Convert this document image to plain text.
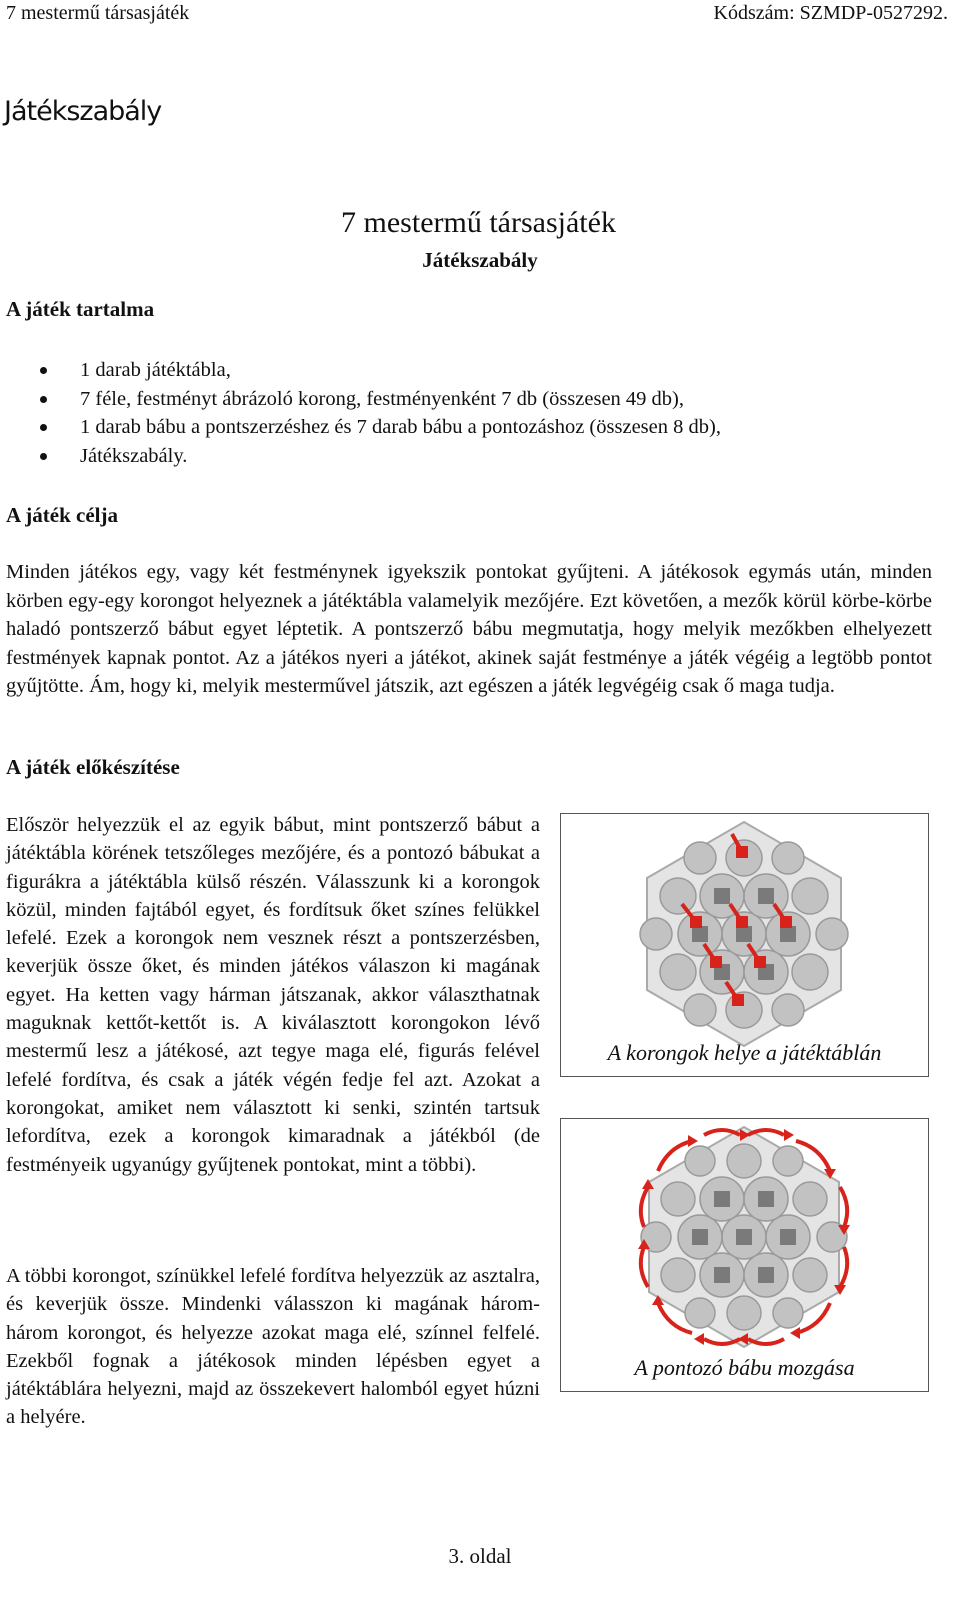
7 mestermű társasjáték	Kódszám: SZMDP-0527292.
Játékszabály
7 mestermű társasjáték
Játékszabály
A játék tartalma
1 darab játéktábla,
7 féle, festményt ábrázoló korong, festményenként 7 db (összesen 49 db),
1 darab bábu a pontszerzéshez és 7 darab bábu a pontozáshoz (összesen 8 db),
Játékszabály.
A játék célja
Minden játékos egy, vagy két festménynek igyekszik pontokat gyűjteni. A játékosok egymás után, minden körben egy-egy korongot helyeznek a játéktábla valamelyik mezőjére. Ezt követően, a mezők körül körbe-körbe haladó pontszerző bábut egyet léptetik. A pontszerző bábu megmutatja, hogy melyik mezőkben elhelyezett festmények kapnak pontot. Az a játékos nyeri a játékot, akinek saját festménye a játék végéig a legtöbb pontot gyűjtötte. Ám, hogy ki, melyik mesterművel játszik, azt egészen a játék legvégéig csak ő maga tudja.
A játék előkészítése
Először helyezzük el az egyik bábut, mint pontszerző bábut a játéktábla körének tetszőleges mezőjére, és a pontozó bábukat a figurákra a játéktábla külső részén. Válasszunk ki a korongok közül, minden fajtából egyet, és fordítsuk őket színes felükkel lefelé. Ezek a korongok nem vesznek részt a pontszerzésben, keverjük össze őket, és minden játékos válaszon ki magának egyet. Ha ketten vagy hárman játszanak, akkor választhatnak maguknak kettőt-kettőt is. A kiválasztott korongokon lévő mestermű lesz a játékosé, azt tegye maga elé, figurás felével lefelé fordítva, és csak a játék végén fedje fel azt. Azokat a korongokat, amiket nem választott ki senki, szintén tartsuk lefordítva, ezek a korongok kimaradnak a játékból (de festményeik ugyanúgy gyűjtenek pontokat, mint a többi).
A többi korongot, színükkel lefelé fordítva helyezzük az asztalra, és keverjük össze. Mindenki válasszon ki magának három-három korongot, és helyezze azokat maga elé, színnel felfelé. Ezekből fognak a játékosok minden lépésben egyet a játéktáblára helyezni, majd az összekevert halomból egyet húzni a helyére.
A korongok helye a játéktáblán
A pontozó bábu mozgása
3. oldal
